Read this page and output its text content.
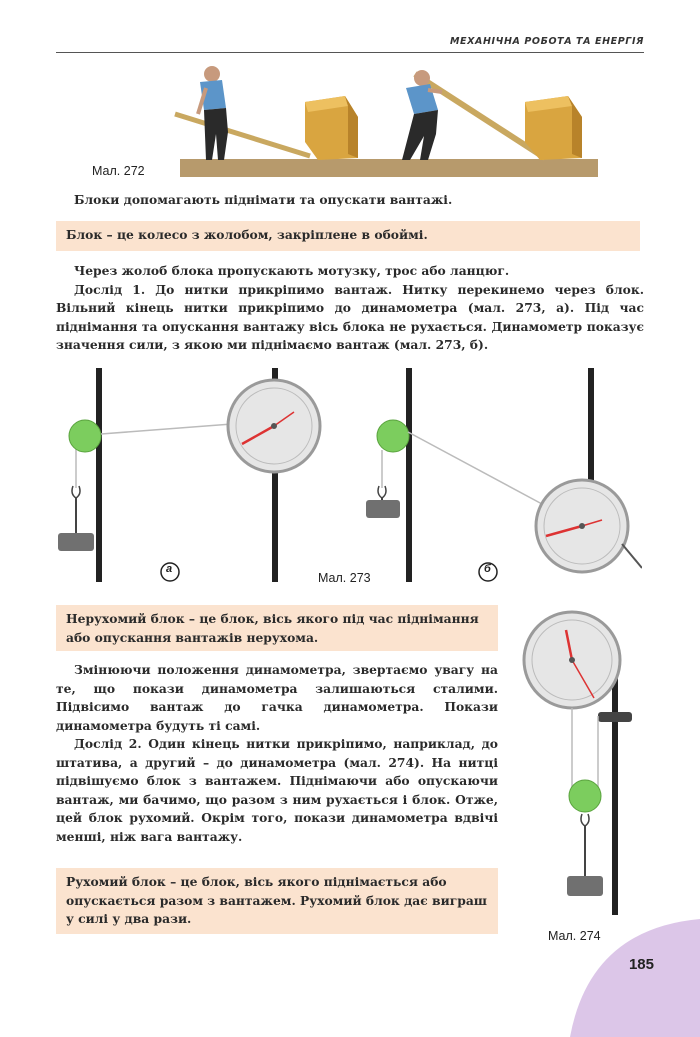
МЕХАНІЧНА РОБОТА ТА ЕНЕРГІЯ
Мал. 272

Блоки допомагають піднімати та опускати вантажі.

Блок – це колесо з жолобом, закріплене в обоймі.

Через жолоб блока пропускають мотузку, трос або ланцюг.

Дослід 1. До нитки прикріпимо вантаж. Нитку перекинемо через блок. Вільний кінець нитки прикріпимо до динамометра (мал. 273, а). Під час піднімання та опускання вантажу вісь блока не рухається. Динамометр показує значення сили, з якою ми піднімаємо вантаж (мал. 273, б).

а	б
Мал. 273
Нерухомий блок – це блок, вісь якого під час піднімання або опускання вантажів нерухома.

Змінюючи положення динамометра, звертаємо увагу на те, що покази динамометра залишаються сталими. Підвісимо вантаж до гачка динамометра. Покази динамометра будуть ті самі.

Дослід 2. Один кінець нитки прикріпимо, наприклад, до штатива, а другий – до динамометра (мал. 274). На нитці підвішуємо блок з вантажем. Піднімаючи або опускаючи вантаж, ми бачимо, що разом з ним рухається і блок. Отже, цей блок рухомий. Окрім того, покази динамометра вдвічі менші, ніж вага вантажу.

Рухомий блок – це блок, вісь якого піднімається або опускається разом з вантажем. Рухомий блок дає виграш у силі у два рази.
Мал. 274
185
